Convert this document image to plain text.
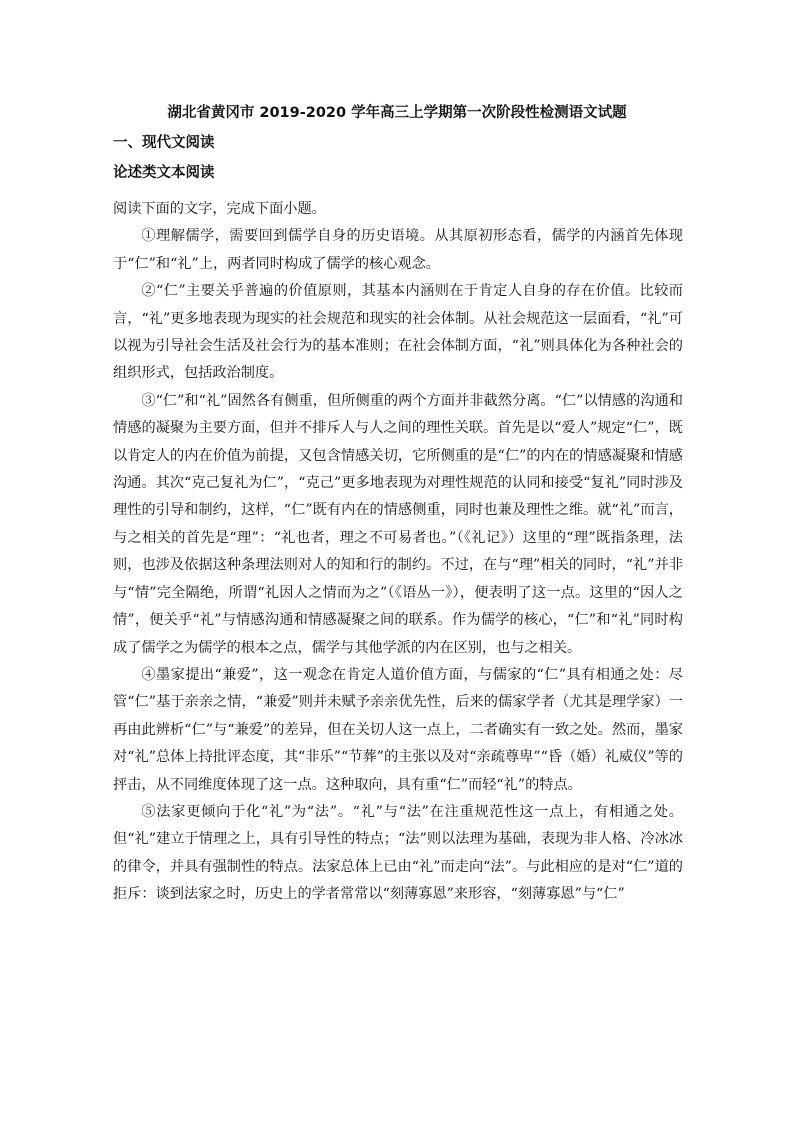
湖北省黄冈市 2019-2020 学年高三上学期第一次阶段性检测语文试题
一、现代文阅读
论述类文本阅读

阅读下面的文字，完成下面小题。

①理解儒学，需要回到儒学自身的历史语境。从其原初形态看，儒学的内涵首先体现于“仁”和“礼”上，两者同时构成了儒学的核心观念。

②“仁”主要关乎普遍的价值原则，其基本内涵则在于肯定人自身的存在价值。比较而言，“礼”更多地表现为现实的社会规范和现实的社会体制。从社会规范这一层面看，“礼”可以视为引导社会生活及社会行为的基本准则；在社会体制方面，“礼”则具体化为各种社会的组织形式，包括政治制度。

③“仁”和“礼”固然各有侧重，但所侧重的两个方面并非截然分离。“仁”以情感的沟通和情感的凝聚为主要方面，但并不排斥人与人之间的理性关联。首先是以“爱人”规定“仁”，既以肯定人的内在价值为前提，又包含情感关切，它所侧重的是“仁”的内在的情感凝聚和情感沟通。其次“克己复礼为仁”，“克己”更多地表现为对理性规范的认同和接受“复礼”同时涉及理性的引导和制约，这样，“仁”既有内在的情感侧重，同时也兼及理性之维。就“礼”而言，与之相关的首先是“理”：“礼也者，理之不可易者也。”（《礼记》）这里的“理”既指条理，法则，也涉及依据这种条理法则对人的知和行的制约。不过，在与“理”相关的同时，“礼”并非与“情”完全隔绝，所谓“礼因人之情而为之”（《语丛一》），便表明了这一点。这里的“因人之情”，便关乎“礼”与情感沟通和情感凝聚之间的联系。作为儒学的核心，“仁”和“礼”同时构成了儒学之为儒学的根本之点，儒学与其他学派的内在区别，也与之相关。

④墨家提出“兼爱”，这一观念在肯定人道价值方面，与儒家的“仁”具有相通之处：尽管“仁”基于亲亲之情，“兼爱”则并未赋予亲亲优先性，后来的儒家学者（尤其是理学家）一再由此辨析“仁”与“兼爱”的差异，但在关切人这一点上，二者确实有一致之处。然而，墨家对“礼”总体上持批评态度，其“非乐”“节葬”的主张以及对“亲疏尊卑”“昏（婚）礼威仪”等的抨击，从不同维度体现了这一点。这种取向，具有重“仁”而轻“礼”的特点。

⑤法家更倾向于化“礼”为“法”。“礼”与“法”在注重规范性这一点上，有相通之处。但“礼”建立于情理之上，具有引导性的特点；“法”则以法理为基础，表现为非人格、冷冰冰的律令，并具有强制性的特点。法家总体上已由“礼”而走向“法”。与此相应的是对“仁”道的拒斥：谈到法家之时，历史上的学者常常以“刻薄寡恩”来形容，“刻薄寡恩”与“仁”
